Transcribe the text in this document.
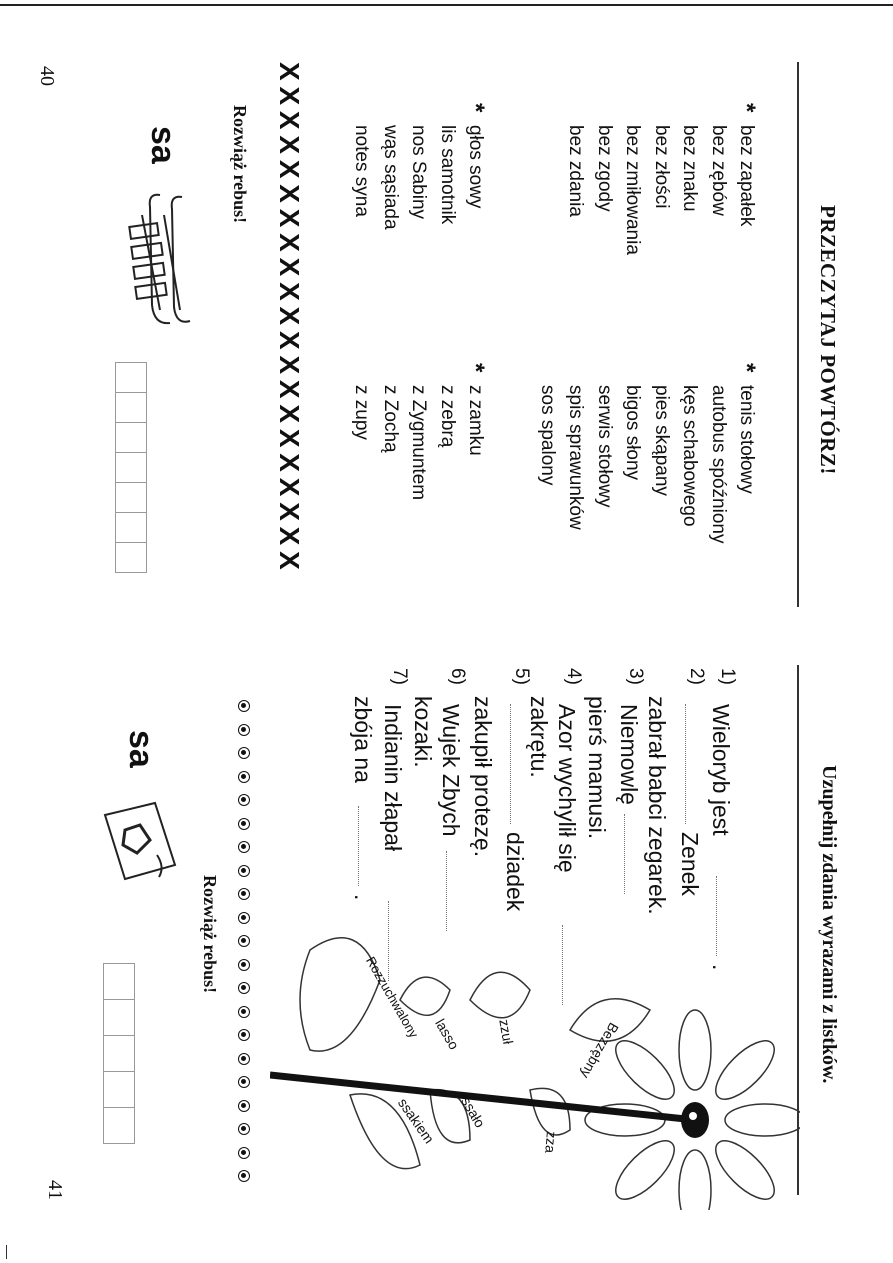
40
PRZECZYTAJ POWTÓRZ!
*
bez zapałek
bez zębów
bez znaku
bez złości
bez zmiłowania
bez zgody
bez zdania
*
tenis stołowy
autobus spóźniony
kęs schabowego
pies skąpany
bigos słony
serwis stołowy
spis sprawunków
sos spalony
*
głos sowy
lis samotnik
nos Sabiny
wąs sąsiada
notes syna
*
z zamku
z zebrą
z Zygmuntem
z Zochą
z zupy
X X X X X X X X X X X X X X X X X X X X X
Rozwiąż rebus!
sa
41
Uzupełnij zdania wyrazami z listków.
1)
Wieloryb jest
.
2)
Zenek
zabrał babci zegarek.
3)
Niemowlę
pierś mamusi.
4)
Azor wychylił się
zakrętu.
5)
dziadek
zakupił protezę.
6)
Wujek Zbych
kozaki.
7)
Indianin złapał
zbója na
.
sa
Rozwiąż rebus!
Bezzębny
zzuł
lasso
Rozzuchwalony
zza
ssało
ssakiem
